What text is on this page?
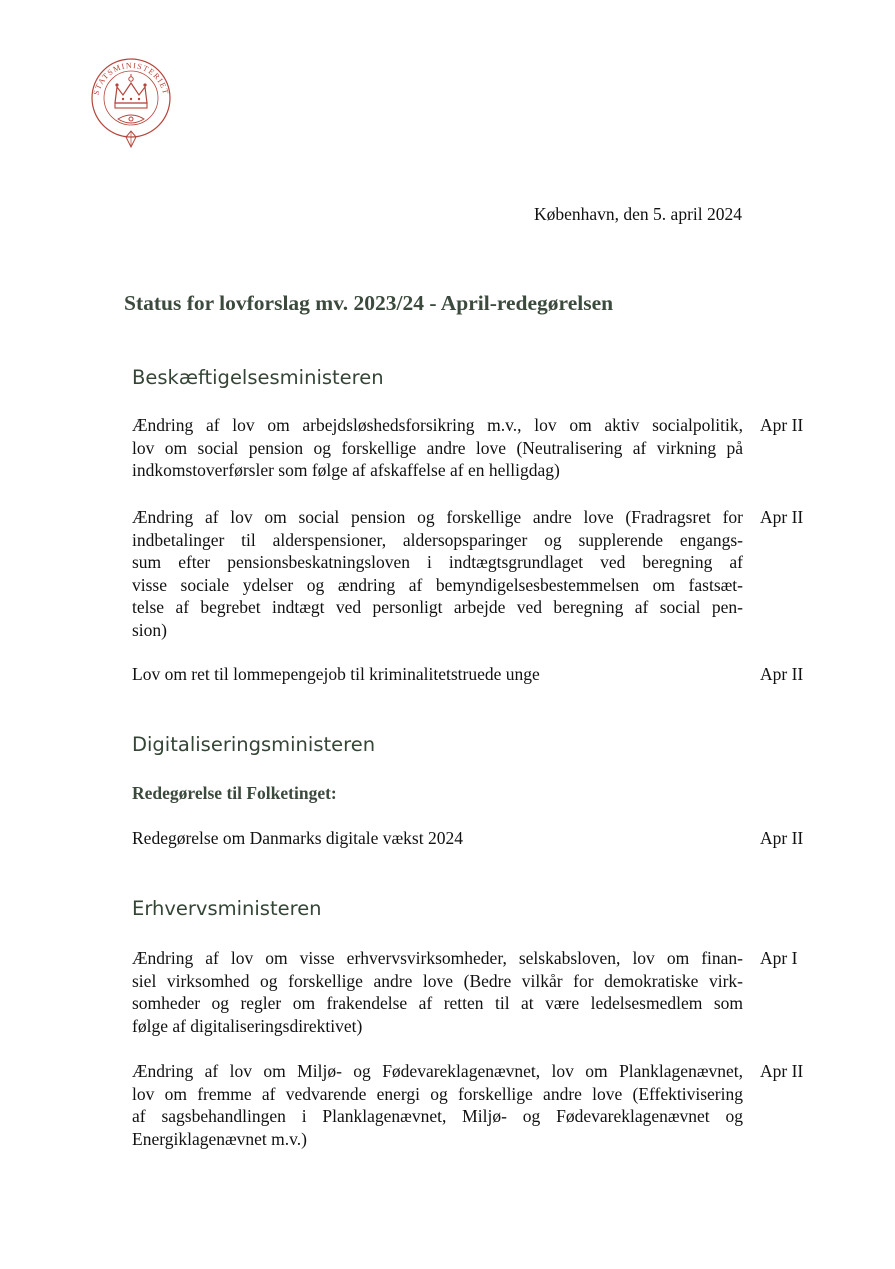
STATSMINISTERIET
København, den 5. april 2024
Status for lovforslag mv. 2023/24 - April-redegørelsen
Beskæftigelsesministeren
Ændring af lov om arbejdsløshedsforsikring m.v., lov om aktiv socialpolitik,
lov om social pension og forskellige andre love (Neutralisering af virkning på
indkomstoverførsler som følge af afskaffelse af en helligdag)
Apr II
Ændring af lov om social pension og forskellige andre love (Fradragsret for
indbetalinger til alderspensioner, aldersopsparinger og supplerende engangs-
sum efter pensionsbeskatningsloven i indtægtsgrundlaget ved beregning af
visse sociale ydelser og ændring af bemyndigelsesbestemmelsen om fastsæt-
telse af begrebet indtægt ved personligt arbejde ved beregning af social pen-
sion)
Apr II
Lov om ret til lommepengejob til kriminalitetstruede unge	Apr II
Digitaliseringsministeren
Redegørelse til Folketinget:
Redegørelse om Danmarks digitale vækst 2024	Apr II
Erhvervsministeren
Ændring af lov om visse erhvervsvirksomheder, selskabsloven, lov om finan-
siel virksomhed og forskellige andre love (Bedre vilkår for demokratiske virk-
somheder og regler om frakendelse af retten til at være ledelsesmedlem som
følge af digitaliseringsdirektivet)
Apr I
Ændring af lov om Miljø- og Fødevareklagenævnet, lov om Planklagenævnet,
lov om fremme af vedvarende energi og forskellige andre love (Effektivisering
af sagsbehandlingen i Planklagenævnet, Miljø- og Fødevareklagenævnet og
Energiklagenævnet m.v.)
Apr II
